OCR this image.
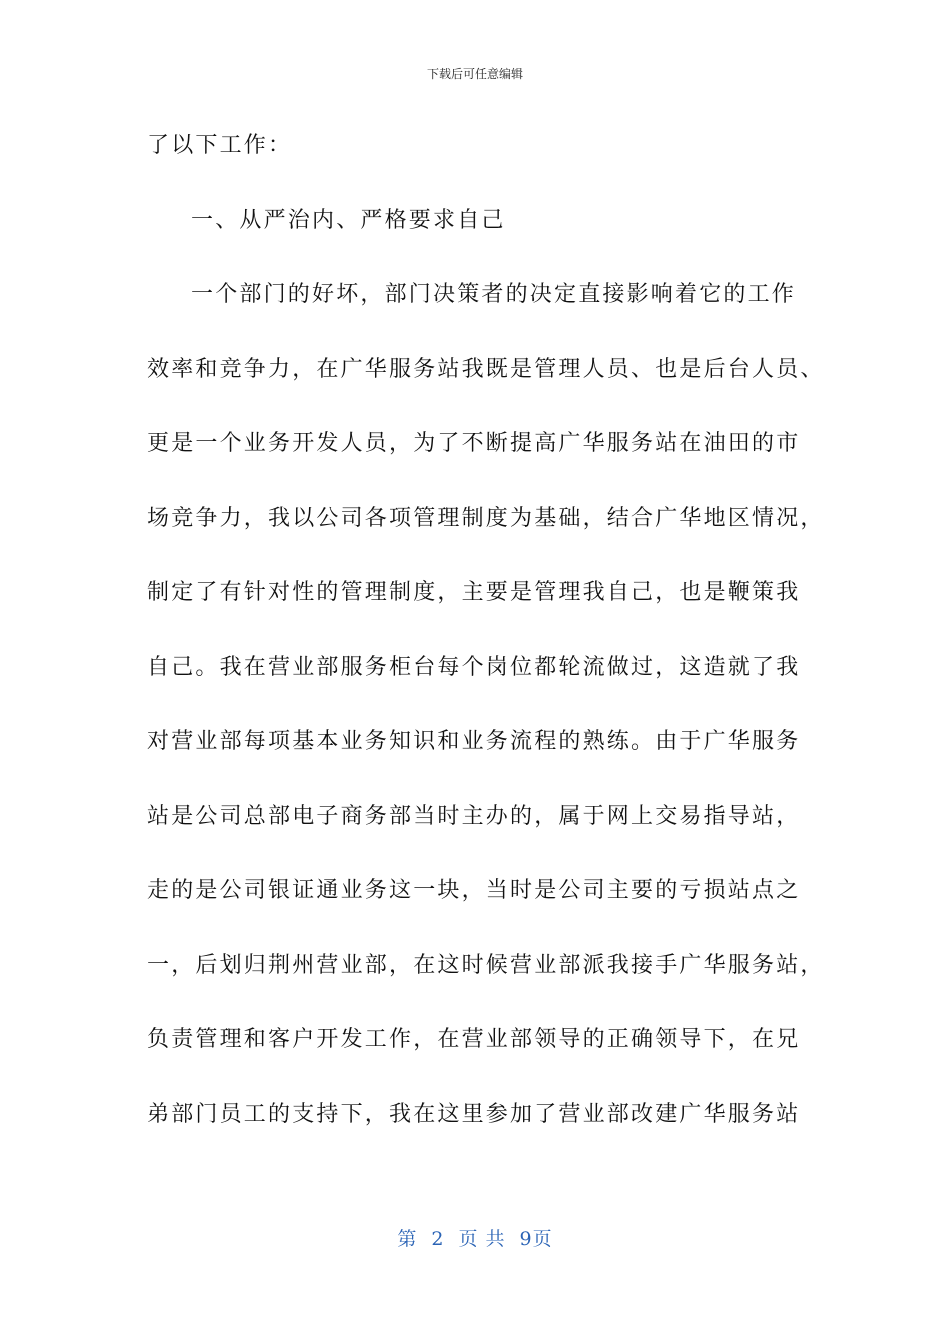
下载后可任意编辑
了以下工作：
一、从严治内、严格要求自己
一个部门的好坏，部门决策者的决定直接影响着它的工作
效率和竞争力，在广华服务站我既是管理人员、也是后台人员、
更是一个业务开发人员，为了不断提高广华服务站在油田的市
场竞争力，我以公司各项管理制度为基础，结合广华地区情况，
制定了有针对性的管理制度，主要是管理我自己，也是鞭策我
自己。我在营业部服务柜台每个岗位都轮流做过，这造就了我
对营业部每项基本业务知识和业务流程的熟练。由于广华服务
站是公司总部电子商务部当时主办的，属于网上交易指导站，
走的是公司银证通业务这一块，当时是公司主要的亏损站点之
一，后划归荆州营业部，在这时候营业部派我接手广华服务站，
负责管理和客户开发工作，在营业部领导的正确领导下，在兄
弟部门员工的支持下，我在这里参加了营业部改建广华服务站
第 2 页 共 9页
